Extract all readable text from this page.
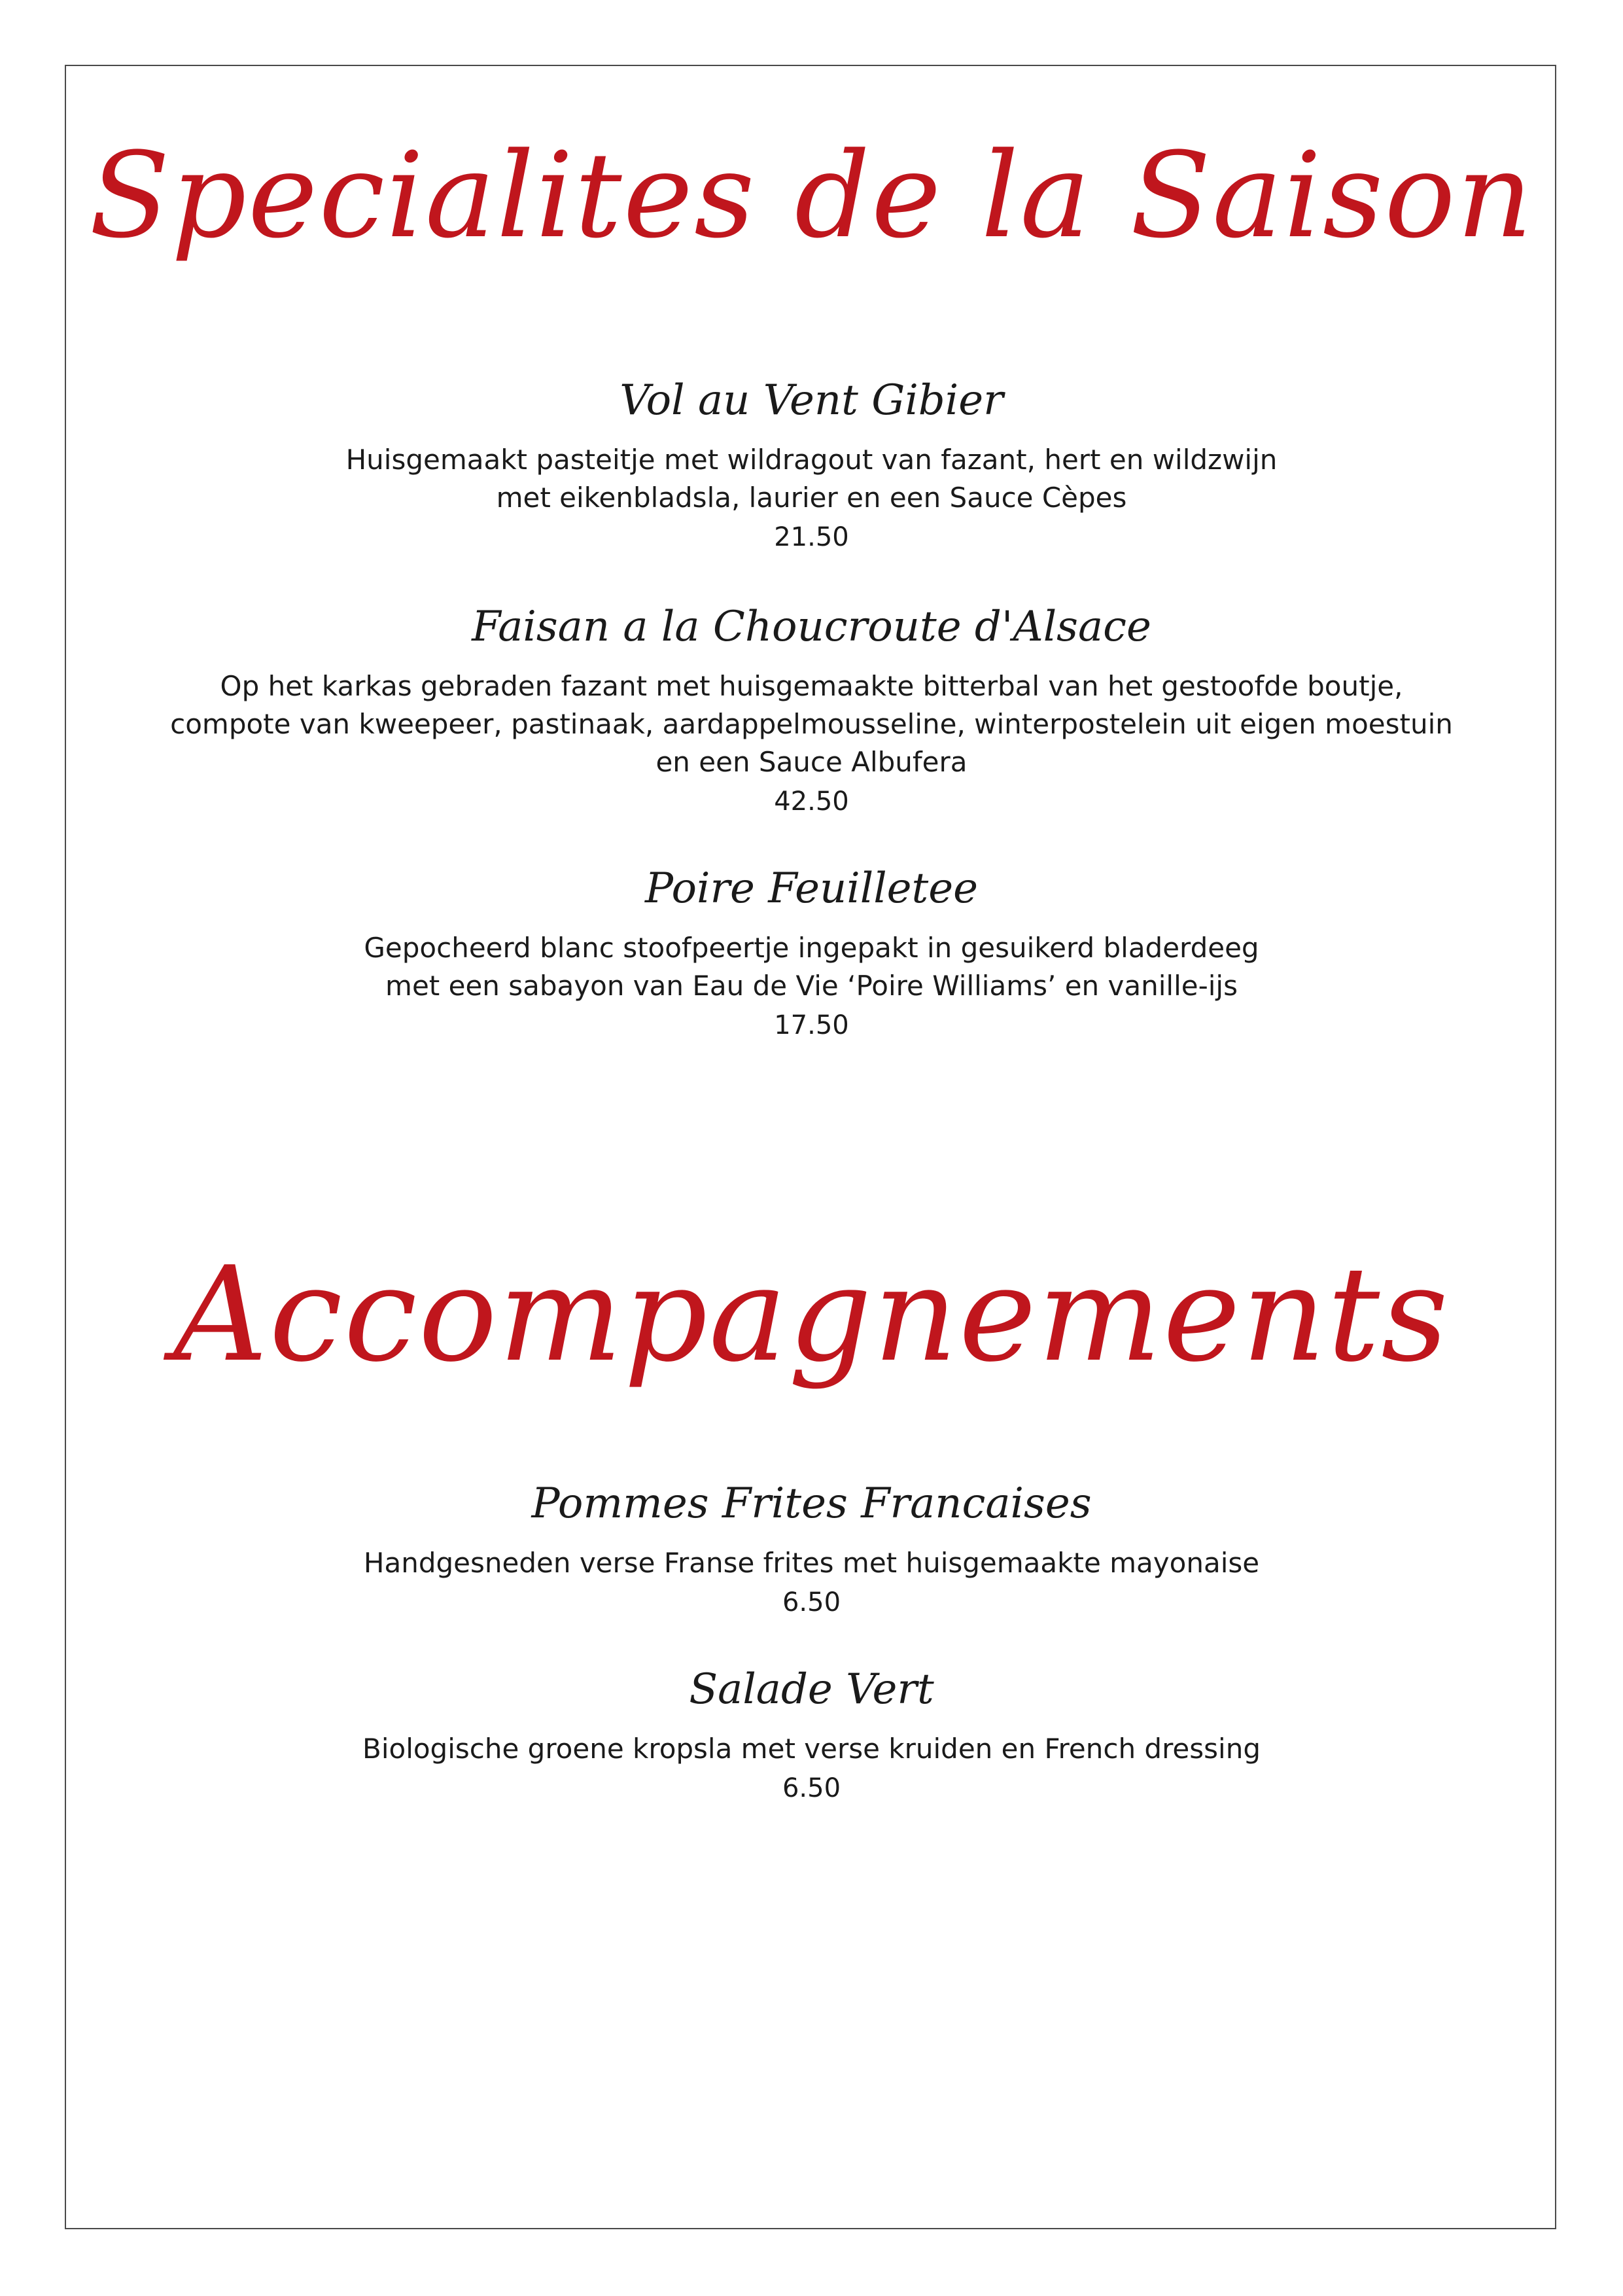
Specialites de la Saison
Vol au Vent Gibier
Huisgemaakt pasteitje met wildragout van fazant, hert en wildzwijn
met eikenbladsla, laurier en een Sauce Cèpes
21.50
Faisan a la Choucroute d'Alsace
Op het karkas gebraden fazant met huisgemaakte bitterbal van het gestoofde boutje,
compote van kweepeer, pastinaak, aardappelmousseline, winterpostelein uit eigen moestuin
en een Sauce Albufera
42.50
Poire Feuilletee
Gepocheerd blanc stoofpeertje ingepakt in gesuikerd bladerdeeg
met een sabayon van Eau de Vie ‘Poire Williams’ en vanille-ijs
17.50
Accompagnements
Pommes Frites Francaises
Handgesneden verse Franse frites met huisgemaakte mayonaise
6.50
Salade Vert
Biologische groene kropsla met verse kruiden en French dressing
6.50
